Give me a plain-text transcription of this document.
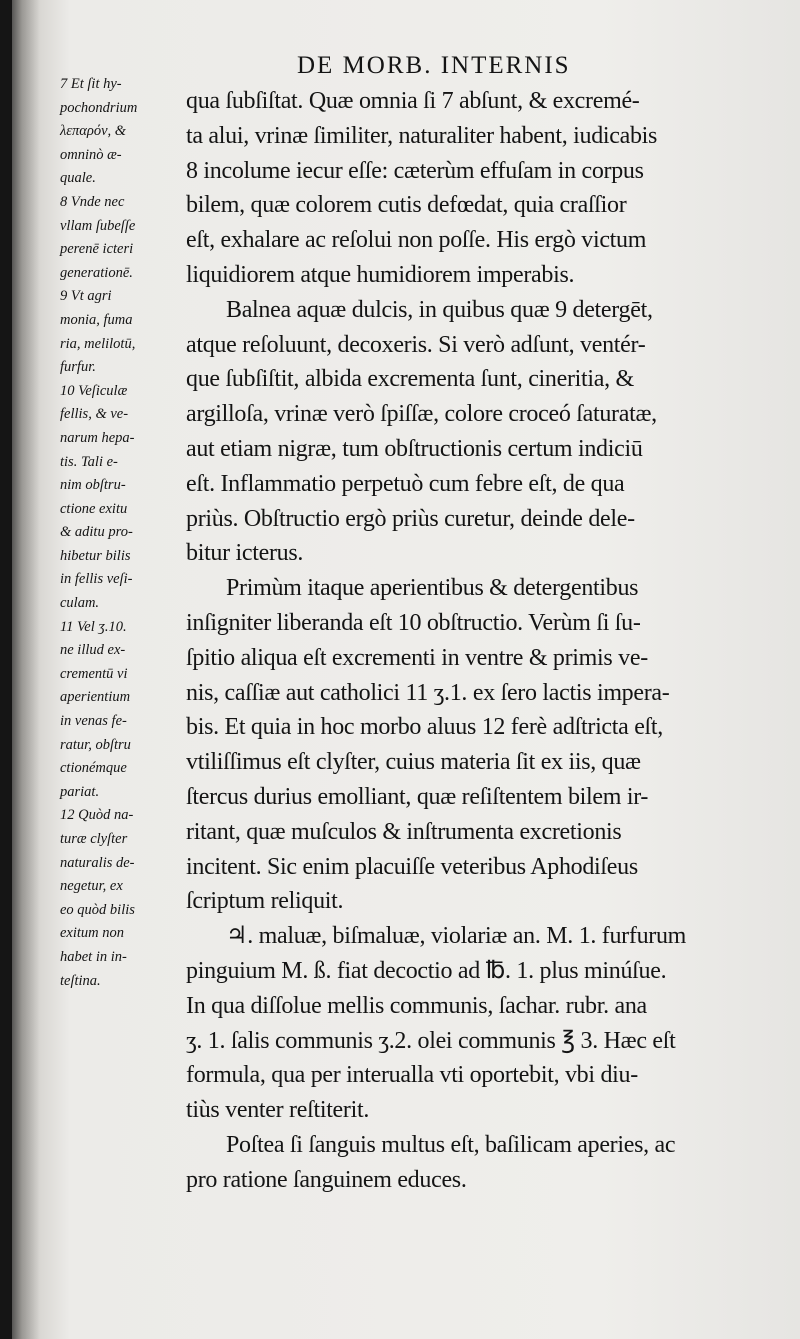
DE MORB. INTERNIS

7 Et ſit hy-

pochondrium

λεπαρόν, &

omninò æ-

quale.

8 Vnde nec

vllam ſubeſſe

perenē icteri

generationē.

9 Vt agri

monia, fuma

ria, melilotū,

furfur.

10 Veſiculæ

fellis, & ve-

narum hepa-

tis. Tali e-

nim obſtru-

ctione exitu

& aditu pro-

hibetur bilis

in fellis veſi-

culam.

11 Vel ʒ.10.

ne illud ex-

crementū vi

aperientium

in venas fe-

ratur, obſtru

ctionémque

pariat.

12 Quòd na-

turæ clyſter

naturalis de-

negetur, ex

eo quòd bilis

exitum non

habet in in-

teſtina.

qua ſubſiſtat. Quæ omnia ſi 7 abſunt, & excremé-

ta alui, vrinæ ſimiliter, naturaliter habent, iudicabis

8 incolume iecur eſſe: cæterùm effuſam in corpus

bilem, quæ colorem cutis defœdat, quia craſſior

eſt, exhalare ac reſolui non poſſe. His ergò victum

liquidiorem atque humidiorem imperabis.

Balnea aquæ dulcis, in quibus quæ 9 detergēt,

atque reſoluunt, decoxeris. Si verò adſunt, ventér-

que ſubſiſtit, albida excrementa ſunt, cineritia, &

argilloſa, vrinæ verò ſpiſſæ, colore croceó ſaturatæ,

aut etiam nigræ, tum obſtructionis certum indiciū

eſt. Inflammatio perpetuò cum febre eſt, de qua

priùs. Obſtructio ergò priùs curetur, deinde dele-

bitur icterus.

Primùm itaque aperientibus & detergentibus

inſigniter liberanda eſt 10 obſtructio. Verùm ſi ſu-

ſpitio aliqua eſt excrementi in ventre & primis ve-

nis, caſſiæ aut catholici 11 ʒ.1. ex ſero lactis impera-

bis. Et quia in hoc morbo aluus 12 ferè adſtricta eſt,

vtiliſſimus eſt clyſter, cuius materia ſit ex iis, quæ

ſtercus durius emolliant, quæ reſiſtentem bilem ir-

ritant, quæ muſculos & inſtrumenta excretionis

incitent. Sic enim placuiſſe veteribus Aphodiſeus

ſcriptum reliquit.

♃. maluæ, biſmaluæ, violariæ an. M. 1. furfurum

pinguium M. ß. fiat decoctio ad ℔. 1. plus minúſue.

In qua diſſolue mellis communis, ſachar. rubr. ana

ʒ. 1. ſalis communis ʒ.2. olei communis ℥ 3. Hæc eſt

formula, qua per interualla vti oportebit, vbi diu-

tiùs venter reſtiterit.

Poſtea ſi ſanguis multus eſt, baſilicam aperies, ac

pro ratione ſanguinem educes.
